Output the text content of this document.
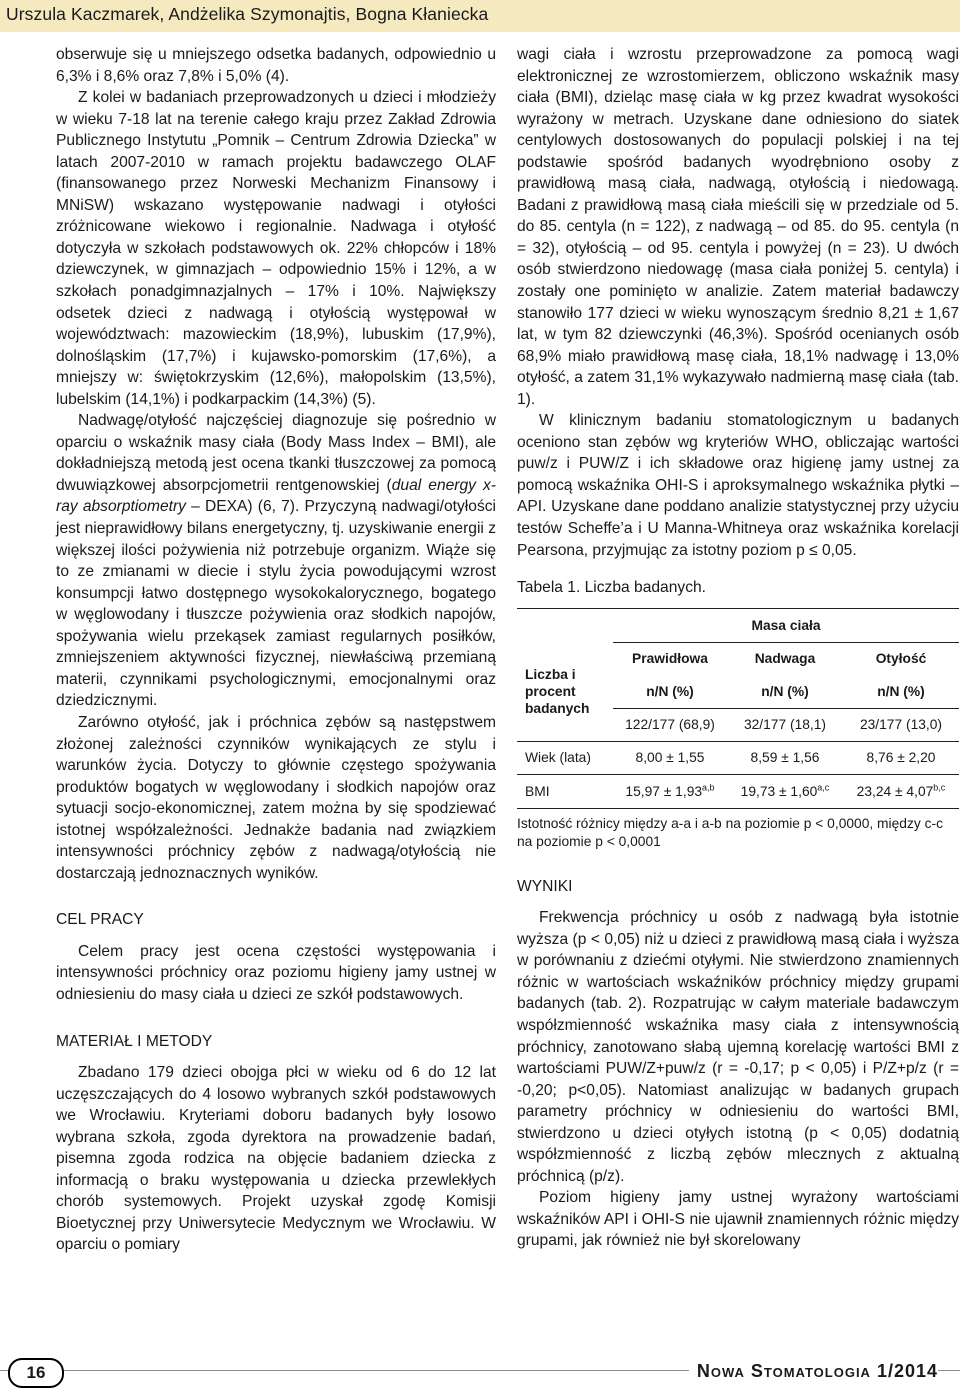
Urszula Kaczmarek, Andżelika Szymonajtis, Bogna Kłaniecka

obserwuje się u mniejszego odsetka badanych, odpowiednio u 6,3% i 8,6% oraz 7,8% i 5,0% (4).

Z kolei w badaniach przeprowadzonych u dzieci i młodzieży w wieku 7-18 lat na terenie całego kraju przez Zakład Zdrowia Publicznego Instytutu „Pomnik – Centrum Zdrowia Dziecka” w latach 2007-2010 w ramach projektu badawczego OLAF (finansowanego przez Norweski Mechanizm Finansowy i MNiSW) wskazano występowanie nadwagi i otyłości zróżnicowane wiekowo i regionalnie. Nadwaga i otyłość dotyczyła w szkołach podstawowych ok. 22% chłopców i 18% dziewczynek, w gimnazjach – odpowiednio 15% i 12%, a w szkołach ponadgimnazjalnych – 17% i 10%. Największy odsetek dzieci z nadwagą i otyłością występował w województwach: mazowieckim (18,9%), lubuskim (17,9%), dolnośląskim (17,7%) i kujawsko-pomorskim (17,6%), a mniejszy w: świętokrzyskim (12,6%), małopolskim (13,5%), lubelskim (14,1%) i podkarpackim (14,3%) (5).

Nadwagę/otyłość najczęściej diagnozuje się pośrednio w oparciu o wskaźnik masy ciała (Body Mass Index – BMI), ale dokładniejszą metodą jest ocena tkanki tłuszczowej za pomocą dwuwiązkowej absorpcjometrii rentgenowskiej (dual energy x-ray absorptiometry – DEXA) (6, 7). Przyczyną nadwagi/otyłości jest nieprawidłowy bilans energetyczny, tj. uzyskiwanie energii z większej ilości pożywienia niż potrzebuje organizm. Wiąże się to ze zmianami w diecie i stylu życia powodującymi wzrost konsumpcji łatwo dostępnego wysokokalorycznego, bogatego w węglowodany i tłuszcze pożywienia oraz słodkich napojów, spożywania wielu przekąsek zamiast regularnych posiłków, zmniejszeniem aktywności fizycznej, niewłaściwą przemianą materii, czynnikami psychologicznymi, emocjonalnymi oraz dziedzicznymi.

Zarówno otyłość, jak i próchnica zębów są następstwem złożonej zależności czynników wynikających ze stylu i warunków życia. Dotyczy to głównie częstego spożywania produktów bogatych w węglowodany i słodkich napojów oraz sytuacji socjo-ekonomicznej, zatem można by się spodziewać istotnej współzależności. Jednakże badania nad związkiem intensywności próchnicy zębów z nadwagą/otyłością nie dostarczają jednoznacznych wyników.

CEL PRACY

Celem pracy jest ocena częstości występowania i intensywności próchnicy oraz poziomu higieny jamy ustnej w odniesieniu do masy ciała u dzieci ze szkół podstawowych.

MATERIAŁ I METODY

Zbadano 179 dzieci obojga płci w wieku od 6 do 12 lat uczęszczających do 4 losowo wybranych szkół podstawowych we Wrocławiu. Kryteriami doboru badanych były losowo wybrana szkoła, zgoda dyrektora na prowadzenie badań, pisemna zgoda rodzica na objęcie badaniem dziecka z informacją o braku występowania u dziecka przewlekłych chorób systemowych. Projekt uzyskał zgodę Komisji Bioetycznej przy Uniwersytecie Medycznym we Wrocławiu. W oparciu o pomiary

wagi ciała i wzrostu przeprowadzone za pomocą wagi elektronicznej ze wzrostomierzem, obliczono wskaźnik masy ciała (BMI), dzieląc masę ciała w kg przez kwadrat wysokości wyrażony w metrach. Uzyskane dane odniesiono do siatek centylowych dostosowanych do populacji polskiej i na tej podstawie spośród badanych wyodrębniono osoby z prawidłową masą ciała, nadwagą, otyłością i niedowagą. Badani z prawidłową masą ciała mieścili się w przedziale od 5. do 85. centyla (n = 122), z nadwagą – od 85. do 95. centyla (n = 32), otyłością – od 95. centyla i powyżej (n = 23). U dwóch osób stwierdzono niedowagę (masa ciała poniżej 5. centyla) i zostały one pominięto w analizie. Zatem materiał badawczy stanowiło 177 dzieci w wieku wynoszącym średnio 8,21 ± 1,67 lat, w tym 82 dziewczynki (46,3%). Spośród ocenianych osób 68,9% miało prawidłową masę ciała, 18,1% nadwagę i 13,0% otyłość, a zatem 31,1% wykazywało nadmierną masę ciała (tab. 1).

W klinicznym badaniu stomatologicznym u badanych oceniono stan zębów wg kryteriów WHO, obliczając wartości puw/z i PUW/Z i ich składowe oraz higienę jamy ustnej za pomocą wskaźnika OHI-S i aproksymalnego wskaźnika płytki – API. Uzyskane dane poddano analizie statystycznej przy użyciu testów Scheffe’a i U Manna-Whitneya oraz wskaźnika korelacji Pearsona, przyjmując za istotny poziom p ≤ 0,05.

Tabela 1. Liczba badanych.

	Masa ciała		
Liczba i procent badanych	Prawidłowa	Nadwaga	Otyłość
	n/N (%)	n/N (%)	n/N (%)
	122/177 (68,9)	32/177 (18,1)	23/177 (13,0)
Wiek (lata)	8,00 ± 1,55	8,59 ± 1,56	8,76 ± 2,20
BMI	$15,97 \pm 1,93^{a,b}$	$19,73 \pm 1,60^{a,c}$	$23,24 \pm 4,07^{b,c}$

Istotność różnicy między a-a i a-b na poziomie p < 0,0000, między c-c na poziomie p < 0,0001

WYNIKI

Frekwencja próchnicy u osób z nadwagą była istotnie wyższa (p < 0,05) niż u dzieci z prawidłową masą ciała i wyższa w porównaniu z dziećmi otyłymi. Nie stwierdzono znamiennych różnic w wartościach wskaźników próchnicy między grupami badanych (tab. 2). Rozpatrując w całym materiale badawczym współzmienność wskaźnika masy ciała z intensywnością próchnicy, zanotowano słabą ujemną korelację wartości BMI z wartościami PUW/Z+puw/z (r = -0,17; p < 0,05) i P/Z+p/z (r = -0,20; p<0,05). Natomiast analizując w badanych grupach parametry próchnicy w odniesieniu do wartości BMI, stwierdzono u dzieci otyłych istotną (p < 0,05) dodatnią współzmienność z liczbą zębów mlecznych z aktualną próchnicą (p/z).

Poziom higieny jamy ustnej wyrażony wartościami wskaźników API i OHI-S nie ujawnił znamiennych różnic między grupami, jak również nie był skorelowany

16	Nowa Stomatologia 1/2014
